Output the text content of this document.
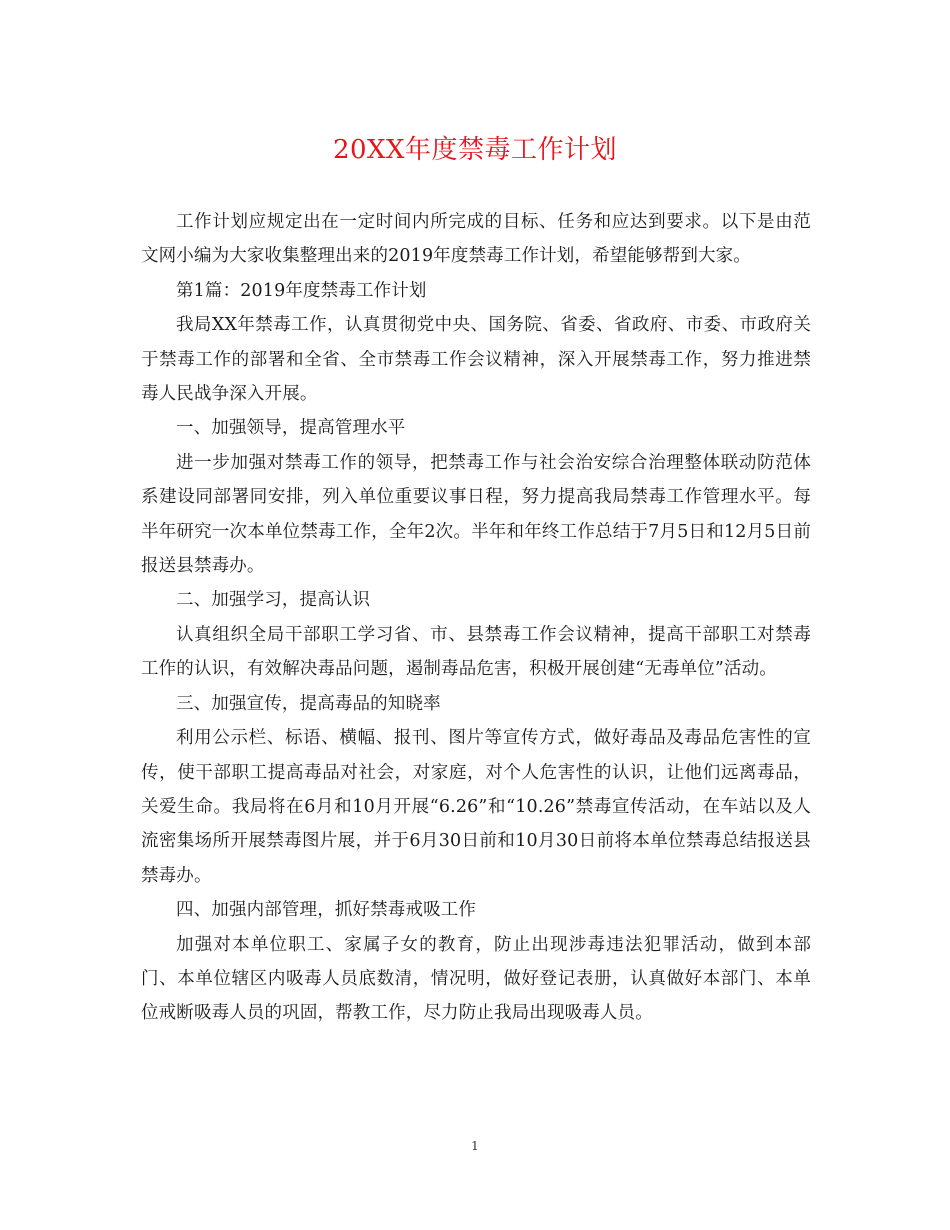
20XX年度禁毒工作计划

工作计划应规定出在一定时间内所完成的目标、任务和应达到要求。以下是由范文网小编为大家收集整理出来的2019年度禁毒工作计划，希望能够帮到大家。

第1篇：2019年度禁毒工作计划

我局XX年禁毒工作，认真贯彻党中央、国务院、省委、省政府、市委、市政府关于禁毒工作的部署和全省、全市禁毒工作会议精神，深入开展禁毒工作，努力推进禁毒人民战争深入开展。

一、加强领导，提高管理水平

进一步加强对禁毒工作的领导，把禁毒工作与社会治安综合治理整体联动防范体系建设同部署同安排，列入单位重要议事日程，努力提高我局禁毒工作管理水平。每半年研究一次本单位禁毒工作，全年2次。半年和年终工作总结于7月5日和12月5日前报送县禁毒办。

二、加强学习，提高认识

认真组织全局干部职工学习省、市、县禁毒工作会议精神，提高干部职工对禁毒工作的认识，有效解决毒品问题，遏制毒品危害，积极开展创建“无毒单位”活动。

三、加强宣传，提高毒品的知晓率

利用公示栏、标语、横幅、报刊、图片等宣传方式，做好毒品及毒品危害性的宣传，使干部职工提高毒品对社会，对家庭，对个人危害性的认识，让他们远离毒品，关爱生命。我局将在6月和10月开展“6.26”和“10.26”禁毒宣传活动，在车站以及人流密集场所开展禁毒图片展，并于6月30日前和10月30日前将本单位禁毒总结报送县禁毒办。

四、加强内部管理，抓好禁毒戒吸工作

加强对本单位职工、家属子女的教育，防止出现涉毒违法犯罪活动，做到本部门、本单位辖区内吸毒人员底数清，情况明，做好登记表册，认真做好本部门、本单位戒断吸毒人员的巩固，帮教工作，尽力防止我局出现吸毒人员。

1
